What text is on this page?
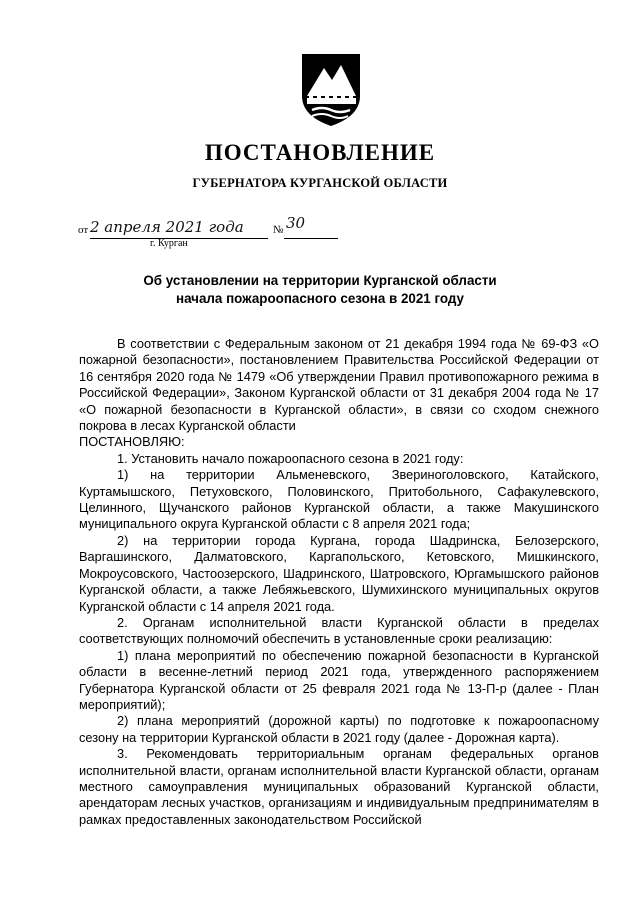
ПОСТАНОВЛЕНИЕ
ГУБЕРНАТОРА КУРГАНСКОЙ ОБЛАСТИ
от 2 апреля 2021 года	№ 30
г. Курган
Об установлении на территории Курганской области
начала пожароопасного сезона в 2021 году

В соответствии с Федеральным законом от 21 декабря 1994 года № 69-ФЗ «О пожарной безопасности», постановлением Правительства Российской Федерации от 16 сентября 2020 года № 1479 «Об утверждении Правил противопожарного режима в Российской Федерации», Законом Курганской области от 31 декабря 2004 года № 17 «О пожарной безопасности в Курганской области», в связи со сходом снежного покрова в лесах Курганской области

ПОСТАНОВЛЯЮ:

1. Установить начало пожароопасного сезона в 2021 году:

1) на территории Альменевского, Звериноголовского, Катайского, Куртамышского, Петуховского, Половинского, Притобольного, Сафакулевского, Целинного, Щучанского районов Курганской области, а также Макушинского муниципального округа Курганской области с 8 апреля 2021 года;

2) на территории города Кургана, города Шадринска, Белозерского, Варгашинского, Далматовского, Каргапольского, Кетовского, Мишкинского, Мокроусовского, Частоозерского, Шадринского, Шатровского, Юргамышского районов Курганской области, а также Лебяжьевского, Шумихинского муниципальных округов Курганской области с 14 апреля 2021 года.

2. Органам исполнительной власти Курганской области в пределах соответствующих полномочий обеспечить в установленные сроки реализацию:

1) плана мероприятий по обеспечению пожарной безопасности в Курганской области в весенне-летний период 2021 года, утвержденного распоряжением Губернатора Курганской области от 25 февраля 2021 года № 13-П-р (далее - План мероприятий);

2) плана мероприятий (дорожной карты) по подготовке к пожароопасному сезону на территории Курганской области в 2021 году (далее - Дорожная карта).

3. Рекомендовать территориальным органам федеральных органов исполнительной власти, органам исполнительной власти Курганской области, органам местного самоуправления муниципальных образований Курганской области, арендаторам лесных участков, организациям и индивидуальным предпринимателям в рамках предоставленных законодательством Российской
